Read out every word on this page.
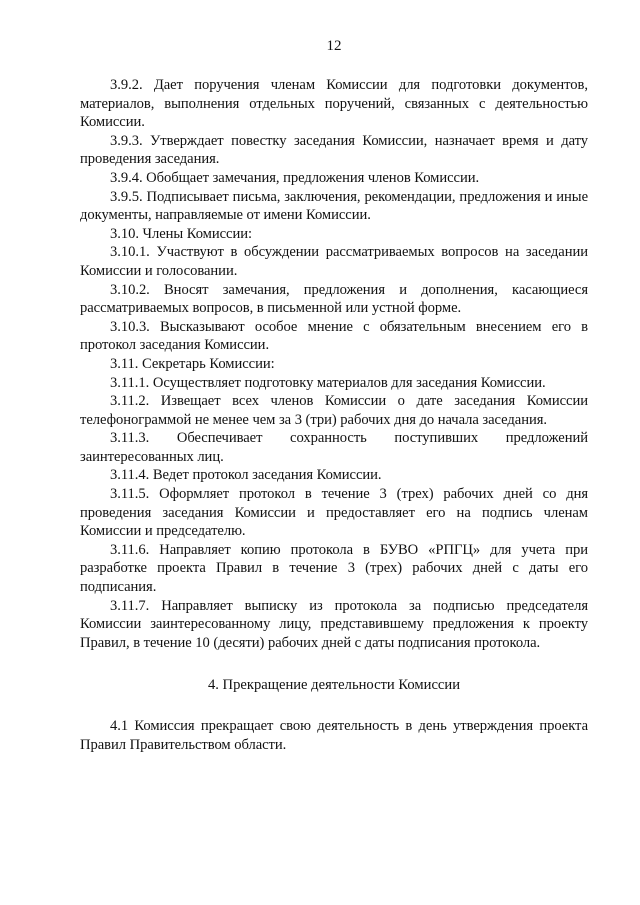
12

3.9.2. Дает поручения членам Комиссии для подготовки документов, материалов, выполнения отдельных поручений, связанных с деятельностью Комиссии.

3.9.3. Утверждает повестку заседания Комиссии, назначает время и дату проведения заседания.

3.9.4. Обобщает замечания, предложения членов Комиссии.

3.9.5. Подписывает письма, заключения, рекомендации, предложения и иные документы, направляемые от имени Комиссии.

3.10. Члены Комиссии:

3.10.1. Участвуют в обсуждении рассматриваемых вопросов на заседании Комиссии и голосовании.

3.10.2. Вносят замечания, предложения и дополнения, касающиеся рассматриваемых вопросов, в письменной или устной форме.

3.10.3. Высказывают особое мнение с обязательным внесением его в протокол заседания Комиссии.

3.11. Секретарь Комиссии:

3.11.1. Осуществляет подготовку материалов для заседания Комиссии.

3.11.2. Извещает всех членов Комиссии о дате заседания Комиссии телефонограммой не менее чем за 3 (три) рабочих дня до начала заседания.

3.11.3. Обеспечивает сохранность поступивших предложений заинтересованных лиц.

3.11.4. Ведет протокол заседания Комиссии.

3.11.5. Оформляет протокол в течение 3 (трех) рабочих дней со дня проведения заседания Комиссии и предоставляет его на подпись членам Комиссии и председателю.

3.11.6. Направляет копию протокола в БУВО «РПГЦ» для учета при разработке проекта Правил в течение 3 (трех) рабочих дней с даты его подписания.

3.11.7. Направляет выписку из протокола за подписью председателя Комиссии заинтересованному лицу, представившему предложения к проекту Правил, в течение 10 (десяти) рабочих дней с даты подписания протокола.

4. Прекращение деятельности Комиссии

4.1 Комиссия прекращает свою деятельность в день утверждения проекта Правил Правительством области.
